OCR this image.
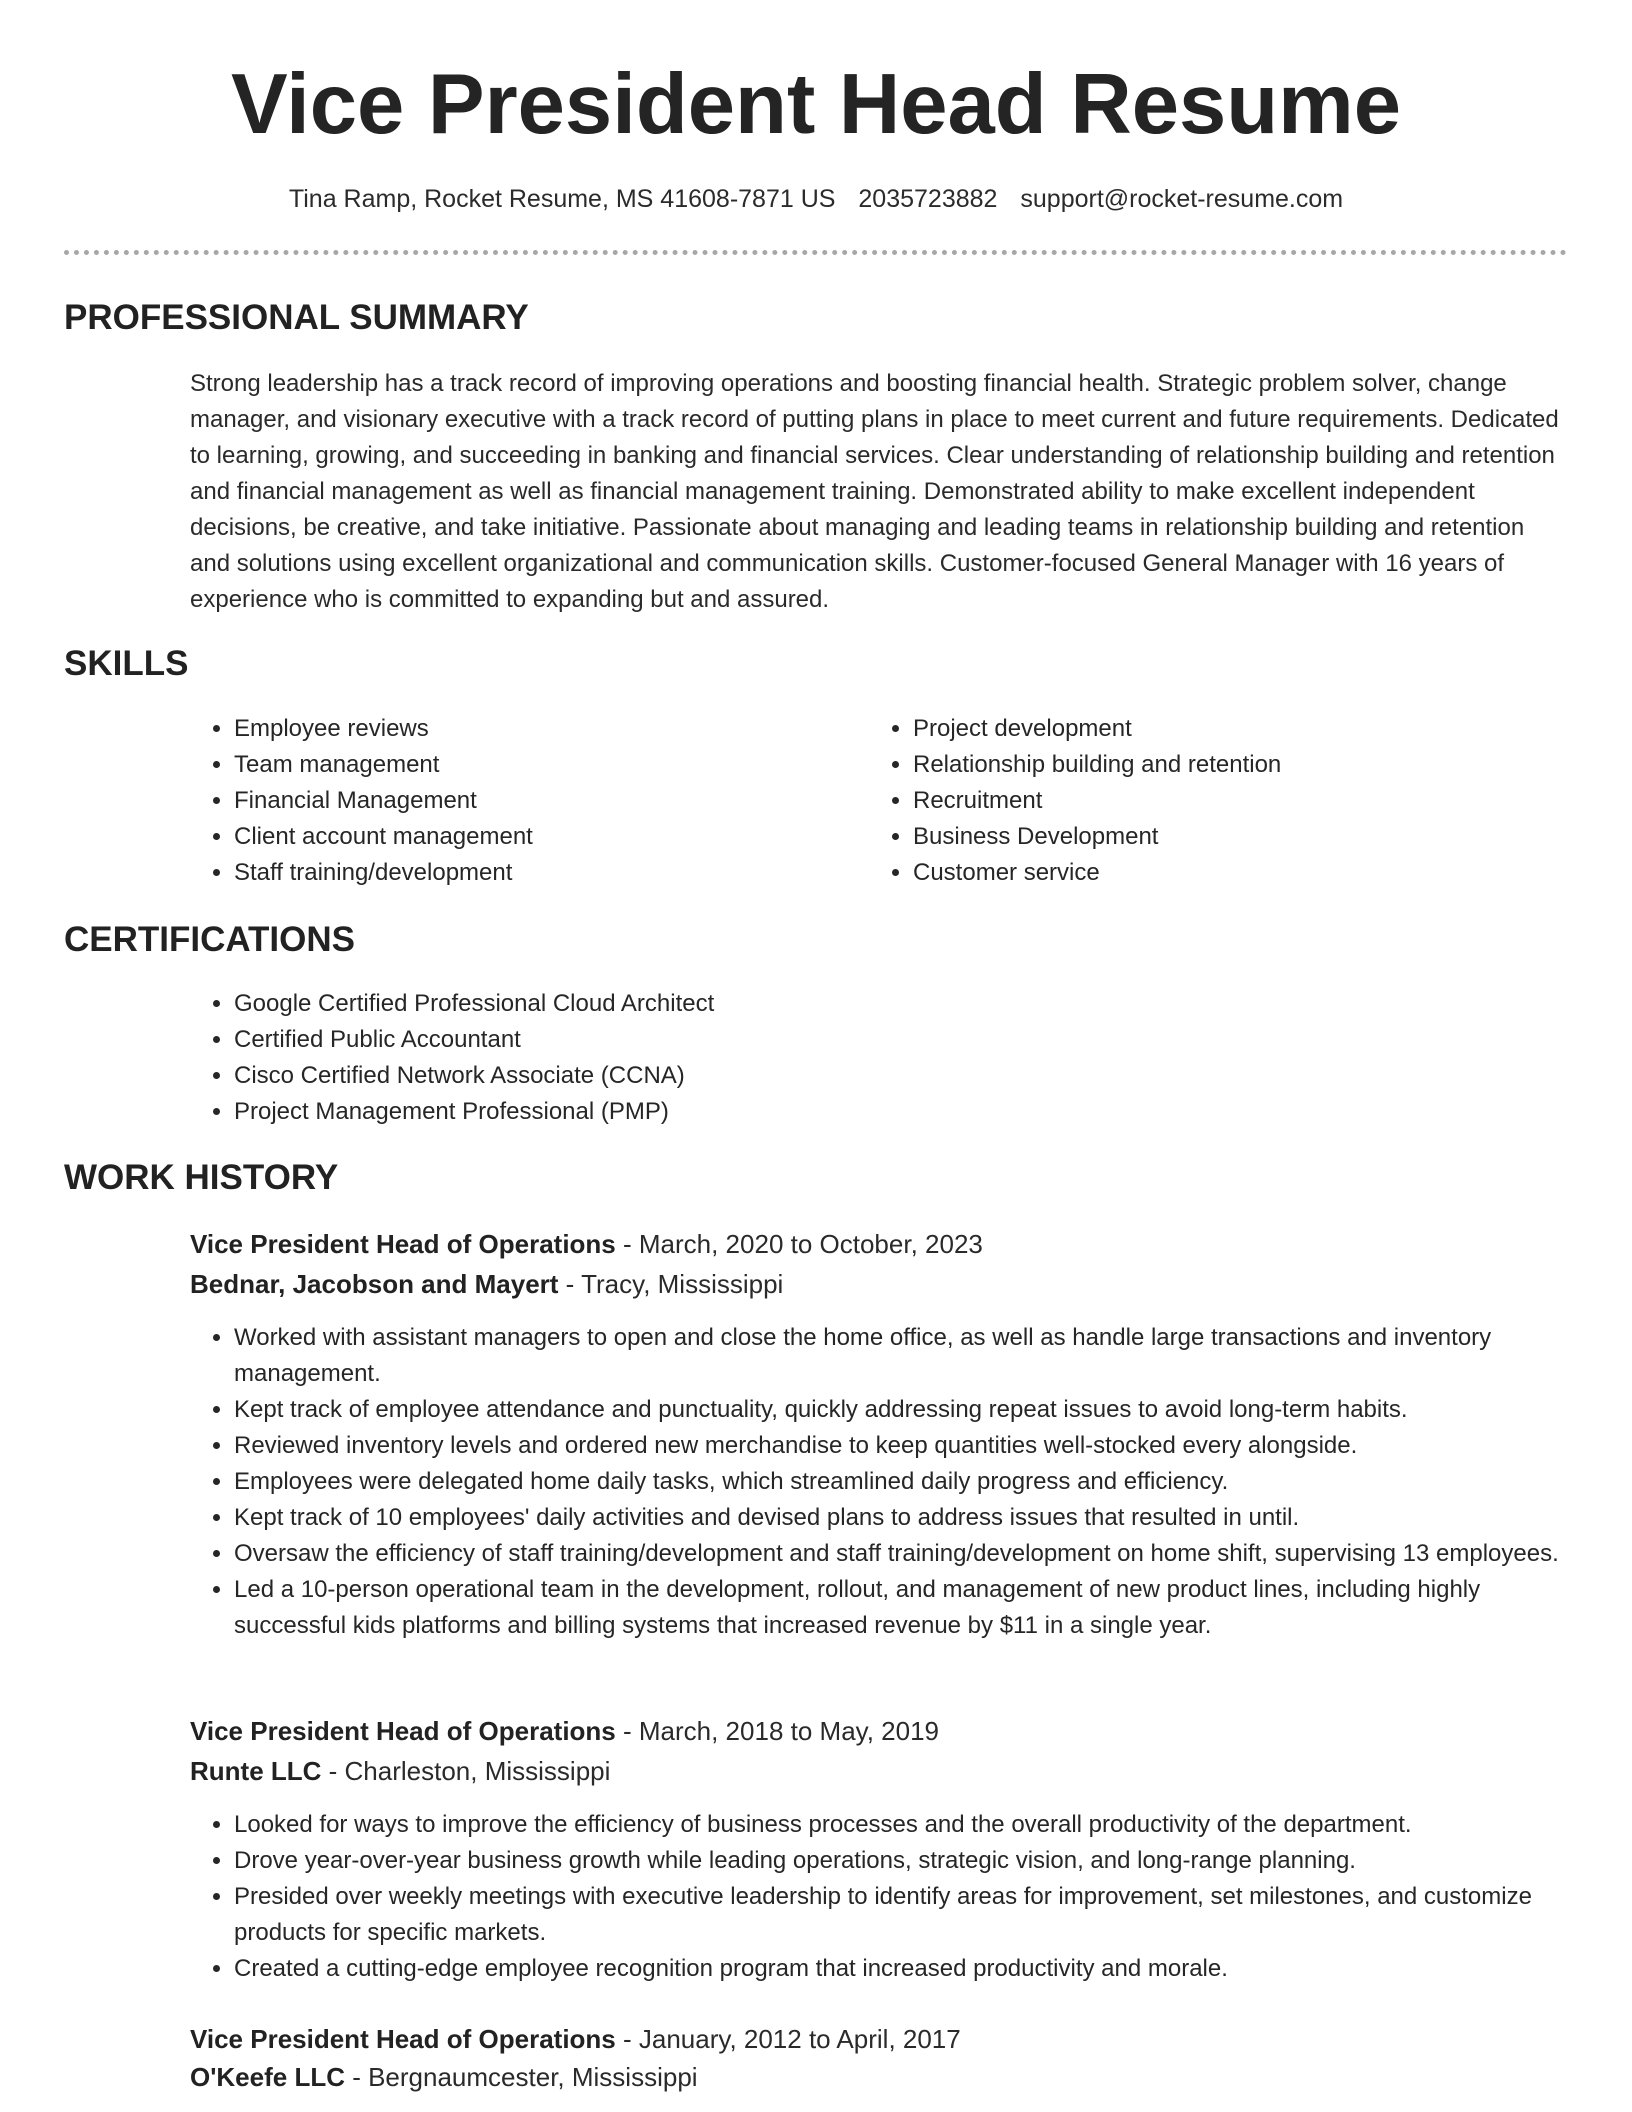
Vice President Head Resume
Tina Ramp, Rocket Resume, MS 41608-7871 US 2035723882 support@rocket-resume.com
PROFESSIONAL SUMMARY
Strong leadership has a track record of improving operations and boosting financial health. Strategic problem solver, change manager, and visionary executive with a track record of putting plans in place to meet current and future requirements. Dedicated to learning, growing, and succeeding in banking and financial services. Clear understanding of relationship building and retention and financial management as well as financial management training. Demonstrated ability to make excellent independent decisions, be creative, and take initiative. Passionate about managing and leading teams in relationship building and retention and solutions using excellent organizational and communication skills. Customer-focused General Manager with 16 years of experience who is committed to expanding but and assured.
SKILLS
• Employee reviews
• Team management
• Financial Management
• Client account management
• Staff training/development
• Project development
• Relationship building and retention
• Recruitment
• Business Development
• Customer service
CERTIFICATIONS
• Google Certified Professional Cloud Architect
• Certified Public Accountant
• Cisco Certified Network Associate (CCNA)
• Project Management Professional (PMP)
WORK HISTORY
Vice President Head of Operations - March, 2020 to October, 2023
Bednar, Jacobson and Mayert - Tracy, Mississippi
• Worked with assistant managers to open and close the home office, as well as handle large transactions and inventory management.
• Kept track of employee attendance and punctuality, quickly addressing repeat issues to avoid long-term habits.
• Reviewed inventory levels and ordered new merchandise to keep quantities well-stocked every alongside.
• Employees were delegated home daily tasks, which streamlined daily progress and efficiency.
• Kept track of 10 employees' daily activities and devised plans to address issues that resulted in until.
• Oversaw the efficiency of staff training/development and staff training/development on home shift, supervising 13 employees.
• Led a 10-person operational team in the development, rollout, and management of new product lines, including highly successful kids platforms and billing systems that increased revenue by $11 in a single year.
Vice President Head of Operations - March, 2018 to May, 2019
Runte LLC - Charleston, Mississippi
• Looked for ways to improve the efficiency of business processes and the overall productivity of the department.
• Drove year-over-year business growth while leading operations, strategic vision, and long-range planning.
• Presided over weekly meetings with executive leadership to identify areas for improvement, set milestones, and customize products for specific markets.
• Created a cutting-edge employee recognition program that increased productivity and morale.
Vice President Head of Operations - January, 2012 to April, 2017
O'Keefe LLC - Bergnaumcester, Mississippi
